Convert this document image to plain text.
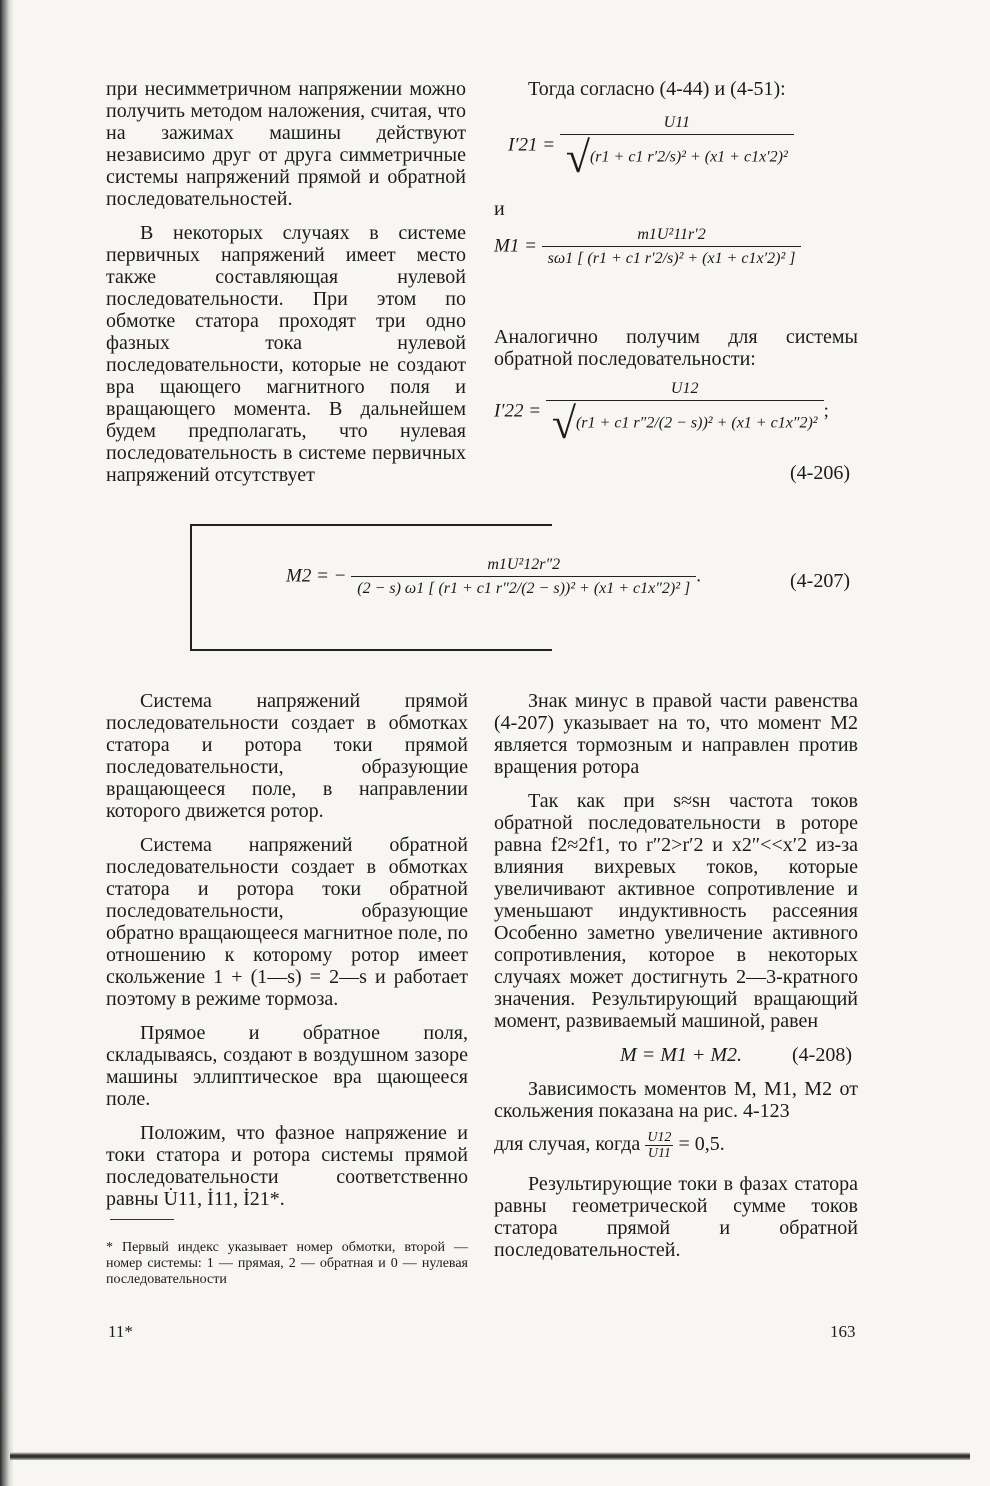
при несимметричном напряжении можно получить методом наложения, считая, что на зажимах машины действуют независимо друг от друга симметричные системы напряжений прямой и обратной последовательностей.

В некоторых случаях в системе первичных напряжений имеет место также составляющая нулевой последовательности. При этом по обмотке статора проходят три одно фазных тока нулевой последовательности, которые не создают вра щающего магнитного поля и вращающего момента. В дальнейшем будем предполагать, что нулевая последовательность в системе первичных напряжений отсутствует

Тогда согласно (4-44) и (4-51):

$I'21 = \frac{U11}{\text{√(r1 + c1 r′2/s)² + (x1 + c1x′2)²}}$

и

$M1 = \frac{\text{m1U²11r′2}}{\text{sω1 [ (r1 + c1 r′2/s)² + (x1 + c1x′2)² ]}}$

Аналогично получим для системы обратной последовательности:

$I'22 = \frac{U12}{\text{√(r1 + c1 r″2/(2 − s))² + (x1 + c1x″2)²}}$ ;
(4-206)
M2 = − $\frac{\text{m1U²12r″2}}{\text{(2 − s) ω1 [ (r1 + c1 r″2/(2 − s))² + (x1 + c1x″2)² ]}}$ .	(4-207)

Система напряжений прямой последовательности создает в обмотках статора и ротора токи прямой последовательности, образующие вращающееся поле, в направлении которого движется ротор.

Система напряжений обратной последовательности создает в обмотках статора и ротора токи обратной последовательности, образующие обратно вращающееся магнитное поле, по отношению к которому ротор имеет скольжение 1 + (1—s) = 2—s и работает поэтому в режиме тормоза.

Прямое и обратное поля, складываясь, создают в воздушном зазоре машины эллиптическое вра щающееся поле.

Положим, что фазное напряжение и токи статора и ротора системы прямой последовательности соответственно равны U̇11, İ11, İ21*.

Знак минус в правой части равенства (4-207) указывает на то, что момент M2 является тормозным и направлен против вращения ротора

Так как при s≈sн частота токов обратной последовательности в роторе равна f2≈2f1, то r″2>r′2 и x2″<<x′2 из-за влияния вихревых токов, которые увеличивают активное сопротивление и уменьшают индуктивность рассеяния Особенно заметно увеличение активного сопротивления, которое в некоторых случаях может достигнуть 2—3-кратного значения. Результирующий вращающий момент, развиваемый машиной, равен

M = M1 + M2.	(4-208)

Зависимость моментов M, M1, M2 от скольжения показана на рис. 4-123

для случая, когда $\frac{U12}{U11} = 0,5$.

Результирующие токи в фазах статора равны геометрической сумме токов статора прямой и обратной последовательностей.

* Первый индекс указывает номер обмотки, второй — номер системы: 1 — прямая, 2 — обратная и 0 — нулевая последовательности
11*	163
